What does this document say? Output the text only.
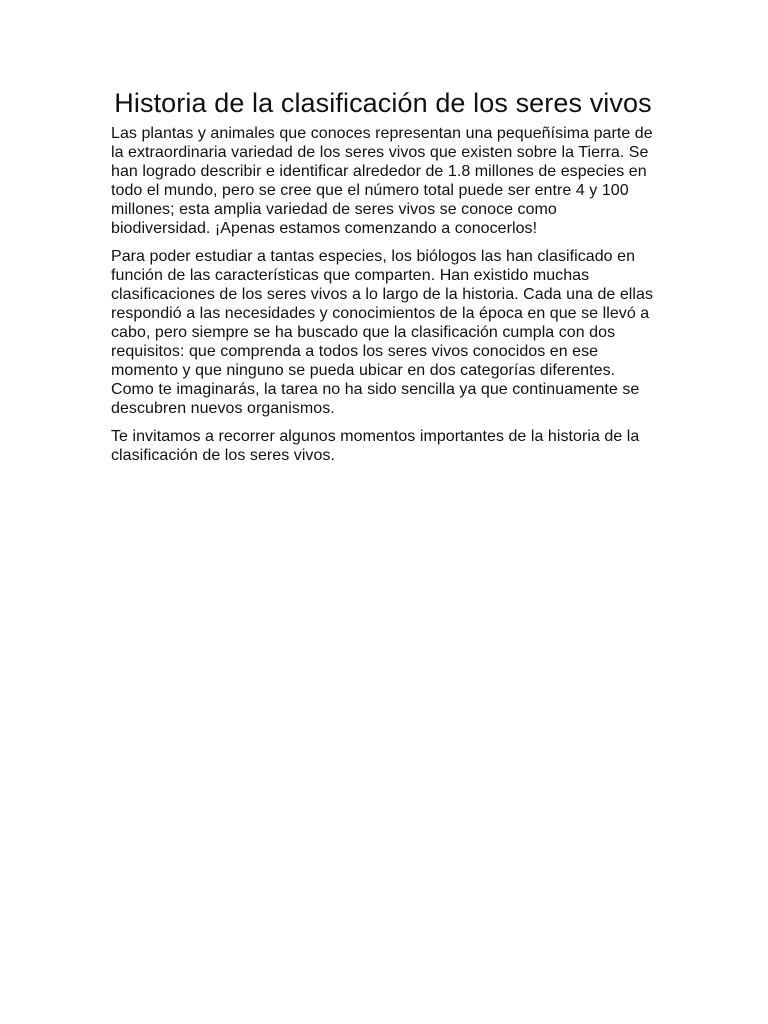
Historia de la clasificación de los seres vivos

Las plantas y animales que conoces representan una pequeñísima parte de la extraordinaria variedad de los seres vivos que existen sobre la Tierra. Se han logrado describir e identificar alrededor de 1.8 millones de especies en todo el mundo, pero se cree que el número total puede ser entre 4 y 100 millones; esta amplia variedad de seres vivos se conoce como biodiversidad. ¡Apenas estamos comenzando a conocerlos!

Para poder estudiar a tantas especies, los biólogos las han clasificado en función de las características que comparten. Han existido muchas clasificaciones de los seres vivos a lo largo de la historia. Cada una de ellas respondió a las necesidades y conocimientos de la época en que se llevó a cabo, pero siempre se ha buscado que la clasificación cumpla con dos requisitos: que comprenda a todos los seres vivos conocidos en ese momento y que ninguno se pueda ubicar en dos categorías diferentes. Como te imaginarás, la tarea no ha sido sencilla ya que continuamente se descubren nuevos organismos.

Te invitamos a recorrer algunos momentos importantes de la historia de la clasificación de los seres vivos.
